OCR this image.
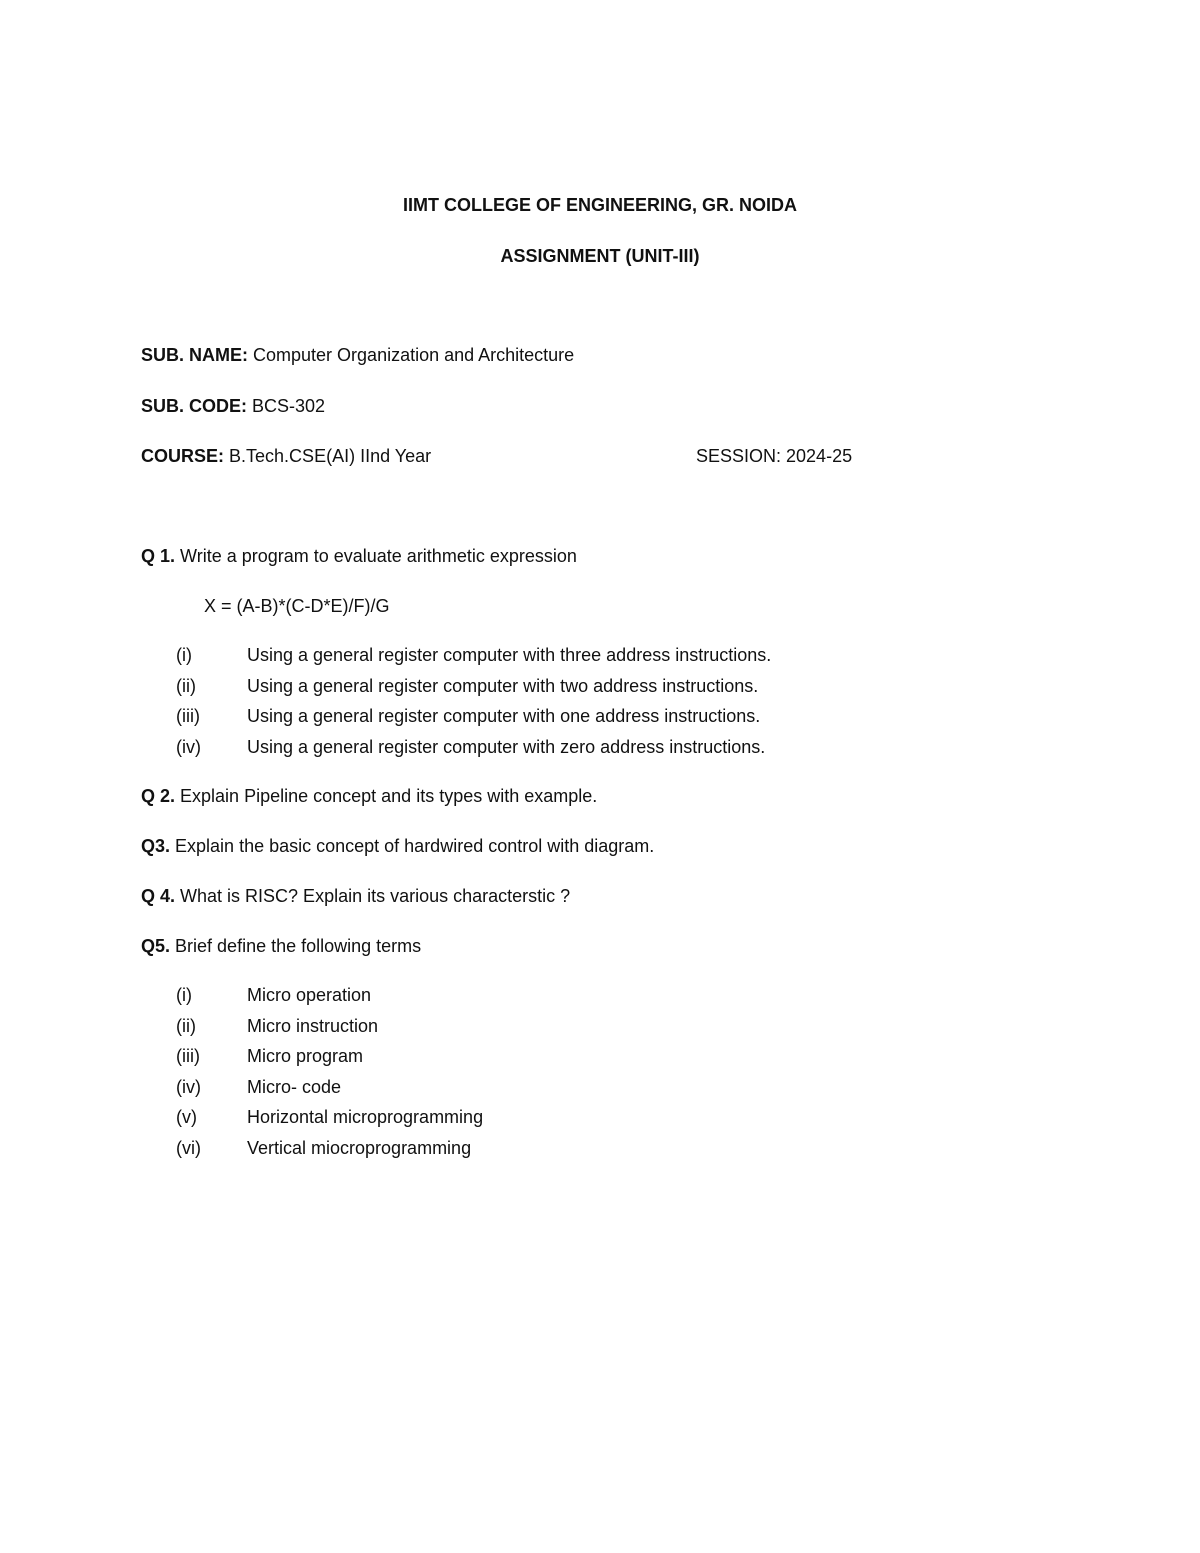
IIMT COLLEGE OF ENGINEERING, GR. NOIDA
ASSIGNMENT (UNIT-III)
SUB. NAME: Computer Organization and Architecture
SUB. CODE: BCS-302
COURSE: B.Tech.CSE(AI) IInd Year	SESSION: 2024-25
Q 1. Write a program to evaluate arithmetic expression
X = (A-B)*(C-D*E)/F)/G
(i)	Using a general register computer with three address instructions.
(ii)	Using a general register computer with two address instructions.
(iii)	Using a general register computer with one address instructions.
(iv)	Using a general register computer with zero address instructions.
Q 2. Explain Pipeline concept and its types with example.
Q3. Explain the basic concept of hardwired control with diagram.
Q 4. What is RISC? Explain its various characterstic ?
Q5. Brief define the following terms
(i)	Micro operation
(ii)	Micro instruction
(iii)	Micro program
(iv)	Micro- code
(v)	Horizontal microprogramming
(vi)	Vertical miocroprogramming
